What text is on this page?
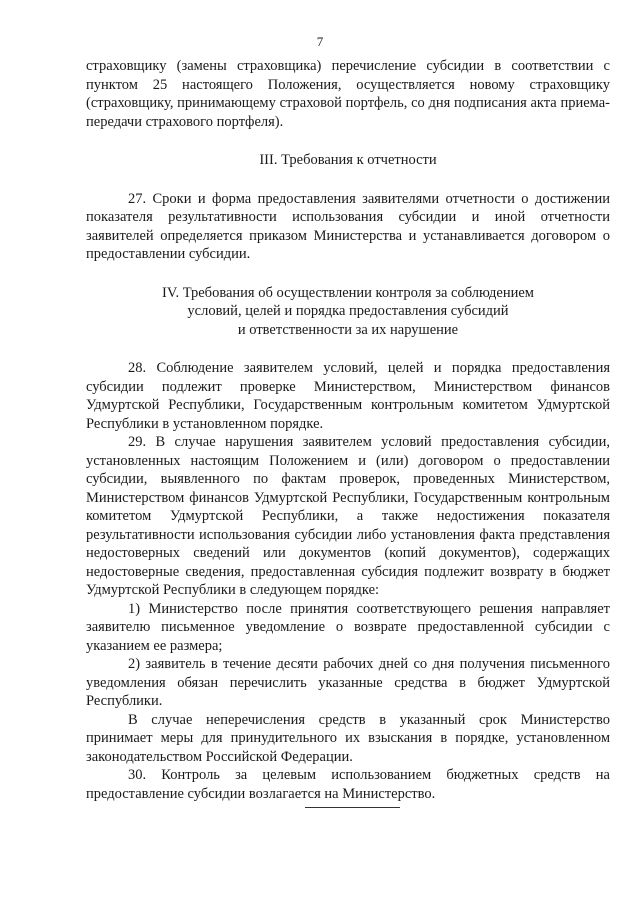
7

страховщику (замены страховщика) перечисление субсидии в соответствии с пунктом 25 настоящего Положения, осуществляется новому страховщику (страховщику, принимающему страховой портфель, со дня подписания акта приема-передачи страхового портфеля).

III. Требования к отчетности

27. Сроки и форма предоставления заявителями отчетности о достижении показателя результативности использования субсидии и иной отчетности заявителей определяется приказом Министерства и устанавливается договором о предоставлении субсидии.

IV. Требования об осуществлении контроля за соблюдением

условий, целей и порядка предоставления субсидий

и ответственности за их нарушение

28. Соблюдение заявителем условий, целей и порядка предоставления субсидии подлежит проверке Министерством, Министерством финансов Удмуртской Республики, Государственным контрольным комитетом Удмуртской Республики в установленном порядке.

29. В случае нарушения заявителем условий предоставления субсидии, установленных настоящим Положением и (или) договором о предоставлении субсидии, выявленного по фактам проверок, проведенных Министерством, Министерством финансов Удмуртской Республики, Государственным контрольным комитетом Удмуртской Республики, а также недостижения показателя результативности использования субсидии либо установления факта представления недостоверных сведений или документов (копий документов), содержащих недостоверные сведения, предоставленная субсидия подлежит возврату в бюджет Удмуртской Республики в следующем порядке:

1) Министерство после принятия соответствующего решения направляет заявителю письменное уведомление о возврате предоставленной субсидии с указанием ее размера;

2) заявитель в течение десяти рабочих дней со дня получения письменного уведомления обязан перечислить указанные средства в бюджет Удмуртской Республики.

В случае неперечисления средств в указанный срок Министерство принимает меры для принудительного их взыскания в порядке, установленном законодательством Российской Федерации.

30. Контроль за целевым использованием бюджетных средств на предоставление субсидии возлагается на Министерство.
